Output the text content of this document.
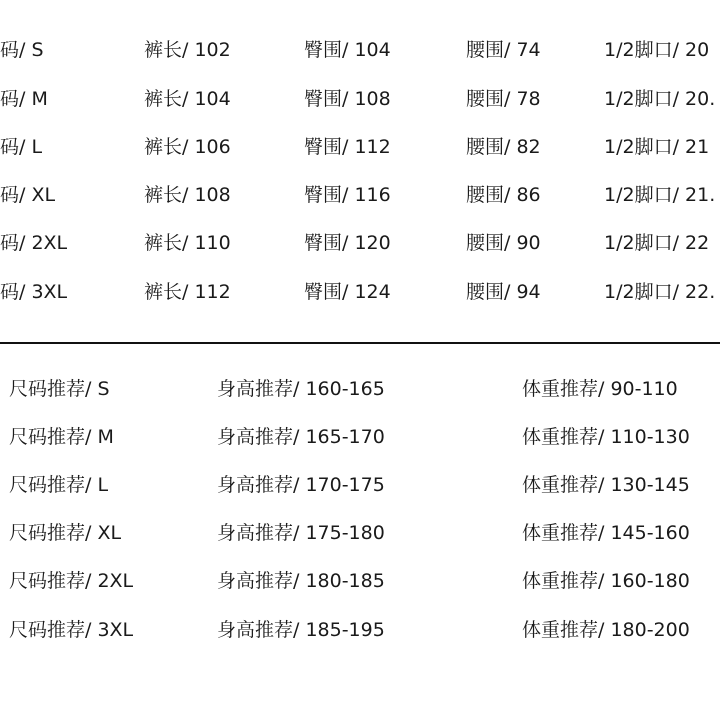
码/ S	裤长/ 102	臀围/ 104	腰围/ 74	1/2脚口/ 20
码/ M	裤长/ 104	臀围/ 108	腰围/ 78	1/2脚口/ 20.
码/ L	裤长/ 106	臀围/ 112	腰围/ 82	1/2脚口/ 21
码/ XL	裤长/ 108	臀围/ 116	腰围/ 86	1/2脚口/ 21.
码/ 2XL	裤长/ 110	臀围/ 120	腰围/ 90	1/2脚口/ 22
码/ 3XL	裤长/ 112	臀围/ 124	腰围/ 94	1/2脚口/ 22.
尺码推荐/ S	身高推荐/ 160-165	体重推荐/ 90-110
尺码推荐/ M	身高推荐/ 165-170	体重推荐/ 110-130
尺码推荐/ L	身高推荐/ 170-175	体重推荐/ 130-145
尺码推荐/ XL	身高推荐/ 175-180	体重推荐/ 145-160
尺码推荐/ 2XL	身高推荐/ 180-185	体重推荐/ 160-180
尺码推荐/ 3XL	身高推荐/ 185-195	体重推荐/ 180-200
